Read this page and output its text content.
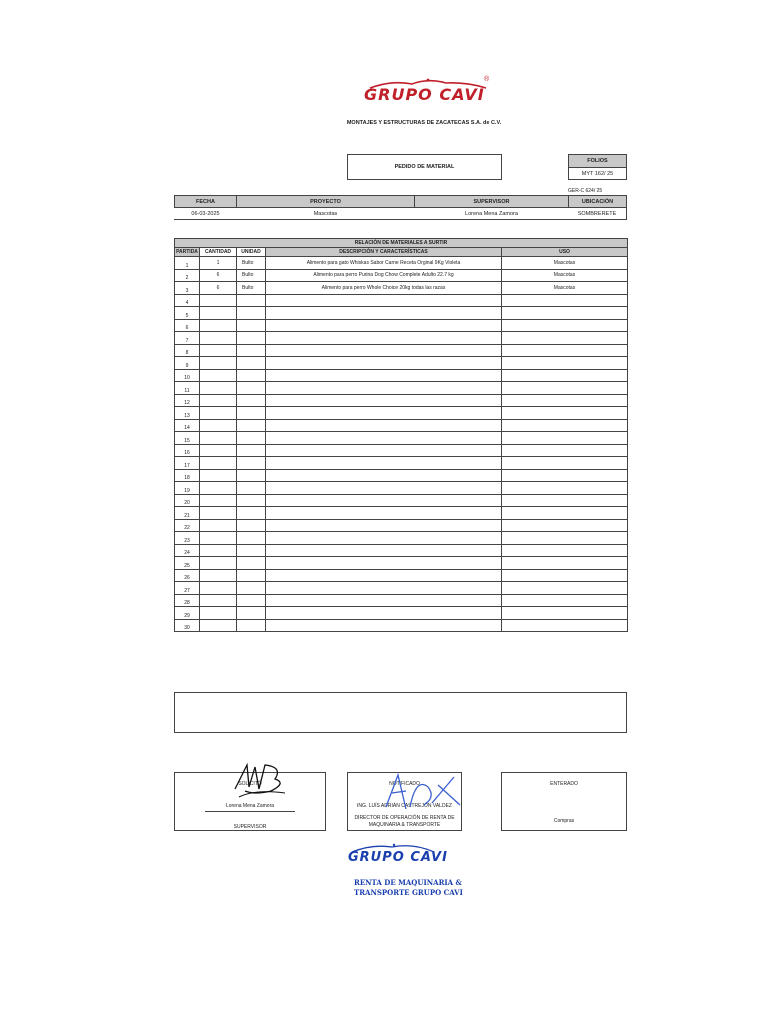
GRUPO CAVI
®
MONTAJES Y ESTRUCTURAS DE ZACATECAS S.A. de C.V.
PEDIDO DE MATERIAL
FOLIOS
MYT 162/ 25
GER-C 624/ 25
FECHA	PROYECTO	SUPERVISOR	UBICACIÓN
06-03-2025	Mascotas	Lorena Mena Zamora	SOMBRERETE
RELACIÓN DE MATERIALES A SURTIR				
PARTIDA	CANTIDAD	UNIDAD	DESCRIPCIÓN Y CARACTERÍSTICAS	USO
1	1	Bulto	Alimento para gato Whiskas Sabor Carne Receta Orginal 9Kg Violeta	Mascotas
2	6	Bulto	Alimento para perro Purina Dog Chow Complete Adulto 22.7 kg	Mascotas
3	6	Bulto	Alimento para perro Whole Choice 20kg todas las razas	Mascotas
4				
5				
6				
7				
8				
9				
10				
11				
12				
13				
14				
15				
16				
17				
18				
19				
20				
21				
22				
23				
24				
25				
26				
27				
28				
29				
30				
SOLICITÓ
Lorena Mena Zamora
SUPERVISOR
NOTIFICADO
ING. LUÍS ADRIÁN CASTREJÓN VALDEZ
DIRECTOR DE OPERACIÓN DE RENTA DE
MAQUINARIA & TRANSPORTE
ENTERADO
Compras
GRUPO CAVI
RENTA DE MAQUINARIA &
TRANSPORTE GRUPO CAVI
